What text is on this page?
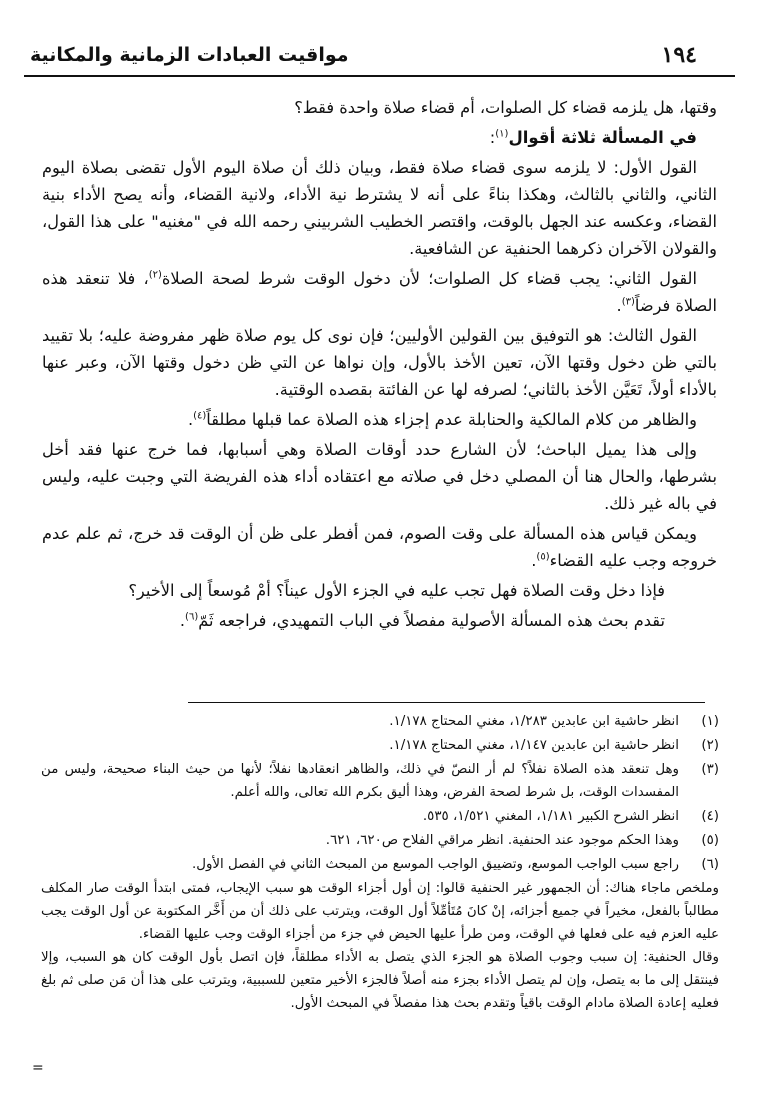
١٩٤
مواقيت العبادات الزمانية والمكانية

وقتها، هل يلزمه قضاء كل الصلوات، أم قضاء صلاة واحدة فقط؟

في المسألة ثلاثة أقوال$^{(١)}$:

القول الأول: لا يلزمه سوى قضاء صلاة فقط، وبيان ذلك أن صلاة اليوم الأول تقضى بصلاة اليوم الثاني، والثاني بالثالث، وهكذا بناءً على أنه لا يشترط نية الأداء، ولانية القضاء، وأنه يصح الأداء بنية القضاء، وعكسه عند الجهل بالوقت، واقتصر الخطيب الشربيني رحمه الله في "مغنيه" على هذا القول، والقولان الآخران ذكرهما الحنفية عن الشافعية.

القول الثاني: يجب قضاء كل الصلوات؛ لأن دخول الوقت شرط لصحة الصلاة$^{(٢)}$، فلا تنعقد هذه الصلاة فرضاً$^{(٣)}$.

القول الثالث: هو التوفيق بين القولين الأوليين؛ فإن نوى كل يوم صلاة ظهر مفروضة عليه؛ بلا تقييد بالتي ظن دخول وقتها الآن، تعين الأخذ بالأول، وإن نواها عن التي ظن دخول وقتها الآن، وعبر عنها بالأداء أولاً، تَعَيَّن الأخذ بالثاني؛ لصرفه لها عن الفائتة بقصده الوقتية.

والظاهر من كلام المالكية والحنابلة عدم إجزاء هذه الصلاة عما قبلها مطلقاً$^{(٤)}$.

وإلى هذا يميل الباحث؛ لأن الشارع حدد أوقات الصلاة وهي أسبابها، فما خرج عنها فقد أخل بشرطها، والحال هنا أن المصلي دخل في صلاته مع اعتقاده أداء هذه الفريضة التي وجبت عليه، وليس في باله غير ذلك.

ويمكن قياس هذه المسألة على وقت الصوم، فمن أفطر على ظن أن الوقت قد خرج، ثم علم عدم خروجه وجب عليه القضاء$^{(٥)}$.

فإذا دخل وقت الصلاة فهل تجب عليه في الجزء الأول عيناً؟ أمْ مُوسعاً إلى الأخير؟

تقدم بحث هذه المسألة الأصولية مفصلاً في الباب التمهيدي، فراجعه ثَمّ$^{(٦)}$.

(١)
انظر حاشية ابن عابدين ١/٢٨٣، مغني المحتاج ١/١٧٨.
(٢)
انظر حاشية ابن عابدين ١/١٤٧، مغني المحتاج ١/١٧٨.
(٣)
وهل تنعقد هذه الصلاة نفلاً؟ لم أر النصّ في ذلك، والظاهر انعقادها نفلاً؛ لأنها من حيث البناء صحيحة، وليس من المفسدات الوقت، بل شرط لصحة الفرض، وهذا أليق بكرم الله تعالى، والله أعلم.
(٤)
انظر الشرح الكبير ١/١٨١، المغني ١/٥٢١، ٥٣٥.
(٥)
وهذا الحكم موجود عند الحنفية. انظر مراقي الفلاح ص٦٢٠، ٦٢١.
(٦)
راجع سبب الواجب الموسع، وتضييق الواجب الموسع من المبحث الثاني في الفصل الأول.

وملخص ماجاء هناك: أن الجمهور غير الحنفية قالوا: إن أول أجزاء الوقت هو سبب الإيجاب، فمتى ابتدأ الوقت صار المكلف مطالباً بالفعل، مخيراً في جميع أجزائه، إنْ كانَ مُتَأمِّلاً أول الوقت، ويترتب على ذلك أن من أَخَّر المكتوبة عن أول الوقت يجب عليه العزم فيه على فعلها في الوقت، ومن طرأ عليها الحيض في جزء من أجزاء الوقت وجب عليها القضاء.

وقال الحنفية: إن سبب وجوب الصلاة هو الجزء الذي يتصل به الأداء مطلقاً، فإن اتصل بأول الوقت كان هو السبب، وإلا فينتقل إلى ما به يتصل، وإن لم يتصل الأداء بجزء منه أصلاً فالجزء الأخير متعين للسببية، ويترتب على هذا أن مَن صلى ثم بلغ فعليه إعادة الصلاة مادام الوقت باقياً وتقدم بحث هذا مفصلاً في المبحث الأول.

=
